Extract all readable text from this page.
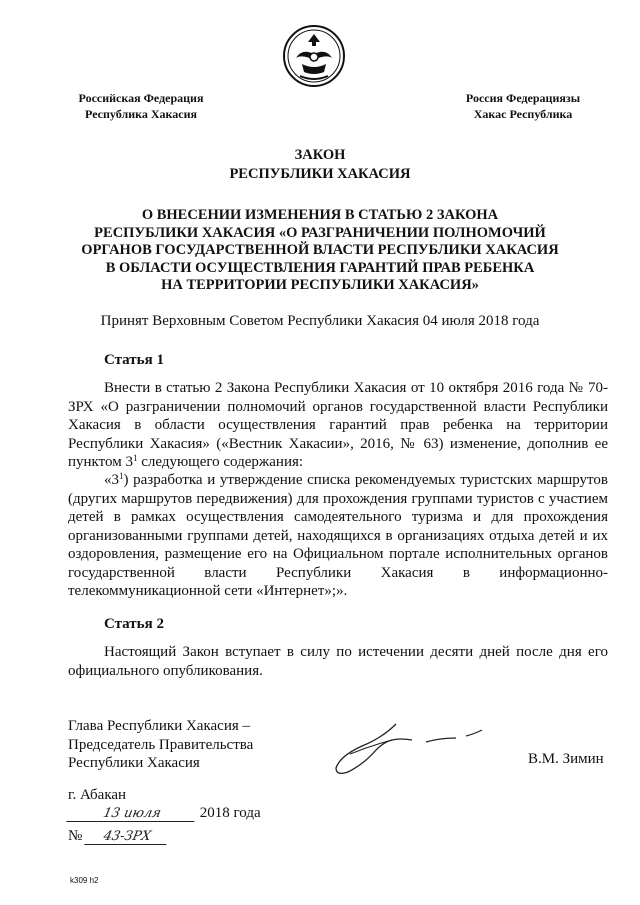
Российская Федерация
Республика Хакасия
Россия Федерациязы
Хакас Республика
ЗАКОН
РЕСПУБЛИКИ ХАКАСИЯ
О ВНЕСЕНИИ ИЗМЕНЕНИЯ В СТАТЬЮ 2 ЗАКОНА
РЕСПУБЛИКИ ХАКАСИЯ «О РАЗГРАНИЧЕНИИ ПОЛНОМОЧИЙ
ОРГАНОВ ГОСУДАРСТВЕННОЙ ВЛАСТИ РЕСПУБЛИКИ ХАКАСИЯ
В ОБЛАСТИ ОСУЩЕСТВЛЕНИЯ ГАРАНТИЙ ПРАВ РЕБЕНКА
НА ТЕРРИТОРИИ РЕСПУБЛИКИ ХАКАСИЯ»
Принят Верховным Советом Республики Хакасия 04 июля 2018 года
Статья 1

Внести в статью 2 Закона Республики Хакасия от 10 октября 2016 года № 70-ЗРХ «О разграничении полномочий органов государственной власти Республики Хакасия в области осуществления гарантий прав ребенка на территории Республики Хакасия» («Вестник Хакасии», 2016, № 63) изменение, дополнив ее пунктом $3^1$ следующего содержания:

«$3^1$) разработка и утверждение списка рекомендуемых туристских маршрутов (других маршрутов передвижения) для прохождения группами туристов с участием детей в рамках осуществления самодеятельного туризма и для прохождения организованными группами детей, находящихся в организациях отдыха детей и их оздоровления, размещение его на Официальном портале исполнительных органов государственной власти Республики Хакасия в информационно-телекоммуникационной сети «Интернет»;».

Статья 2

Настоящий Закон вступает в силу по истечении десяти дней после дня его официального опубликования.

Глава Республики Хакасия –
Председатель Правительства
Республики Хакасия	В.М. Зимин
г. Абакан
13 июля 2018 года
№ 43-ЗРХ
k309 h2
